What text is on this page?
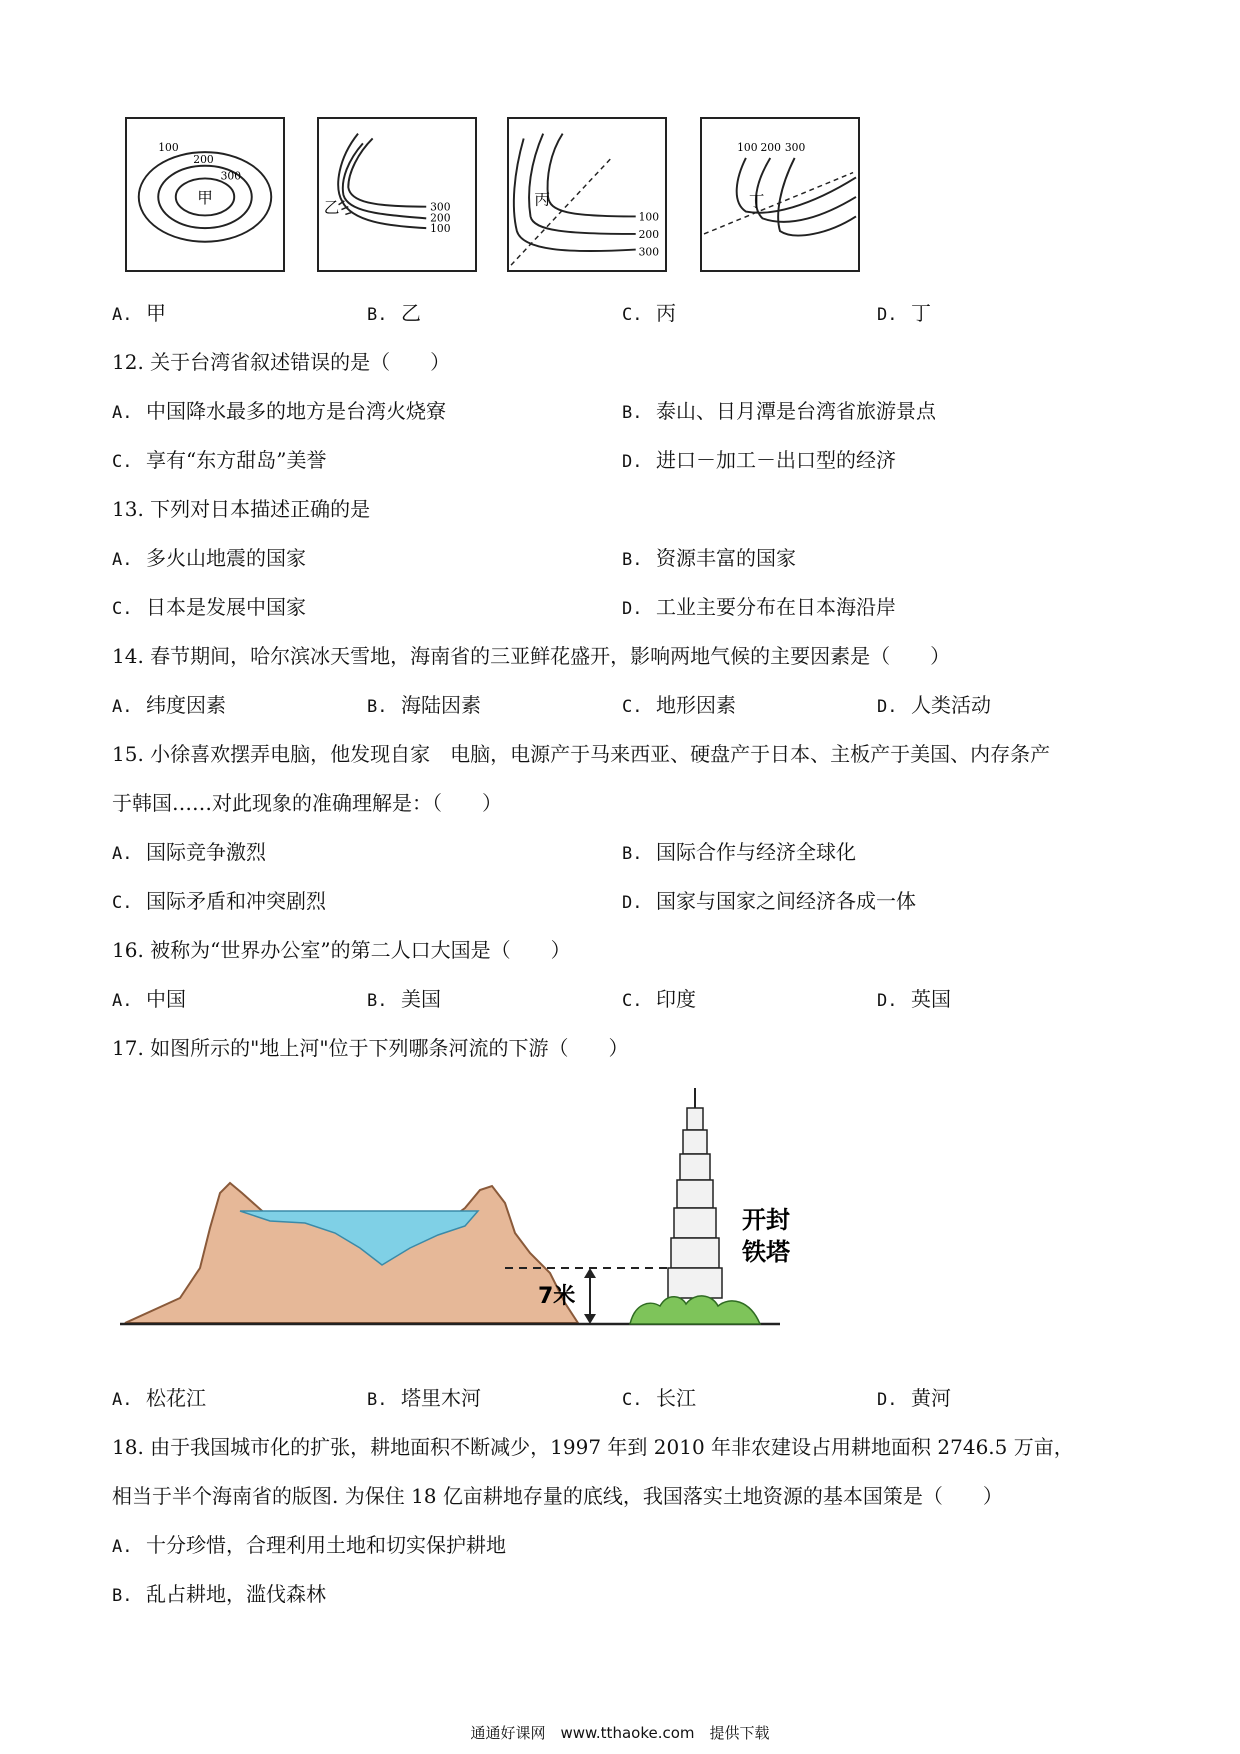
100
200
300
甲
300
200
100
乙
100
200
300
丙
100 200 300
丁
A. 甲	B. 乙	C. 丙	D. 丁
12. 关于台湾省叙述错误的是（　　）
A. 中国降水最多的地方是台湾火烧寮	B. 泰山、日月潭是台湾省旅游景点
C. 享有“东方甜岛”美誉	D. 进口－加工－出口型的经济
13. 下列对日本描述正确的是
A. 多火山地震的国家	B. 资源丰富的国家
C. 日本是发展中国家	D. 工业主要分布在日本海沿岸
14. 春节期间，哈尔滨冰天雪地，海南省的三亚鲜花盛开，影响两地气候的主要因素是（　　）
A. 纬度因素	B. 海陆因素	C. 地形因素	D. 人类活动
15. 小徐喜欢摆弄电脑，他发现自家　电脑，电源产于马来西亚、硬盘产于日本、主板产于美国、内存条产
于韩国……对此现象的准确理解是：（　　）
A. 国际竞争激烈	B. 国际合作与经济全球化
C. 国际矛盾和冲突剧烈	D. 国家与国家之间经济各成一体
16. 被称为“世界办公室”的第二人口大国是（　　）
A. 中国	B. 美国	C. 印度	D. 英国
17. 如图所示的"地上河"位于下列哪条河流的下游（　　）
7米
开封
铁塔
A. 松花江	B. 塔里木河	C. 长江	D. 黄河
18. 由于我国城市化的扩张，耕地面积不断减少，1997 年到 2010 年非农建设占用耕地面积 2746.5 万亩，
相当于半个海南省的版图. 为保住 18 亿亩耕地存量的底线，我国落实土地资源的基本国策是（　　）
A. 十分珍惜，合理利用土地和切实保护耕地
B. 乱占耕地，滥伐森林
通通好课网　www.tthaoke.com　提供下载
